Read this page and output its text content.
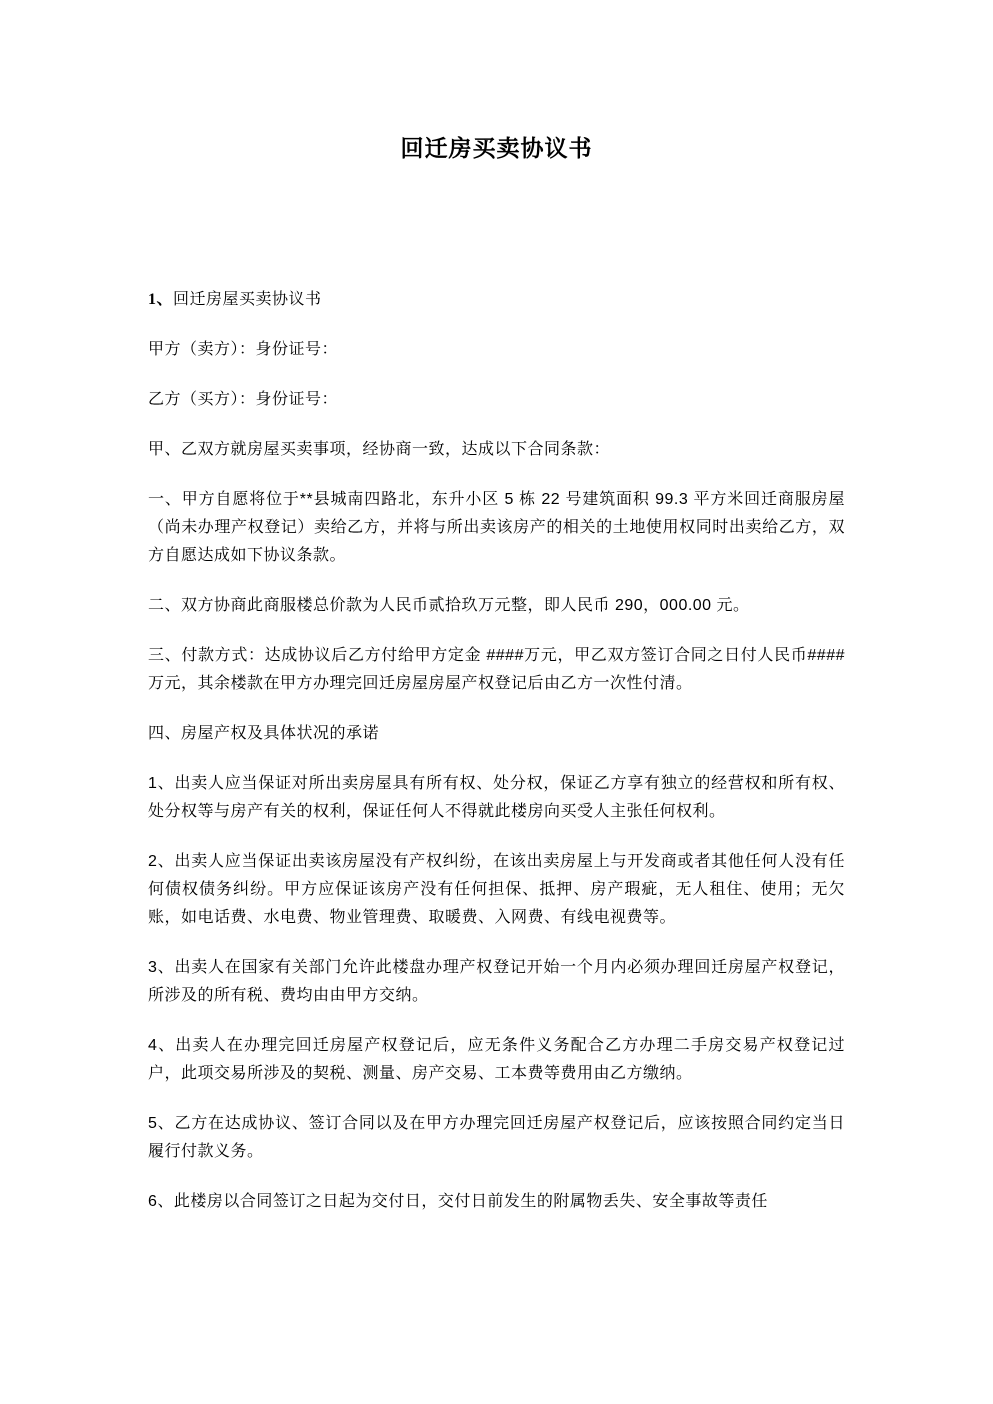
回迁房买卖协议书

1、回迁房屋买卖协议书

甲方（卖方）：身份证号：

乙方（买方）：身份证号：

甲、乙双方就房屋买卖事项，经协商一致，达成以下合同条款：

一、甲方自愿将位于**县城南四路北，东升小区 5 栋 22 号建筑面积 99.3 平方米回迁商服房屋（尚未办理产权登记）卖给乙方，并将与所出卖该房产的相关的土地使用权同时出卖给乙方，双方自愿达成如下协议条款。

二、双方协商此商服楼总价款为人民币贰拾玖万元整，即人民币 290，000.00 元。

三、付款方式：达成协议后乙方付给甲方定金 ####万元，甲乙双方签订合同之日付人民币####万元，其余楼款在甲方办理完回迁房屋房屋产权登记后由乙方一次性付清。

四、房屋产权及具体状况的承诺

1、出卖人应当保证对所出卖房屋具有所有权、处分权，保证乙方享有独立的经营权和所有权、处分权等与房产有关的权利，保证任何人不得就此楼房向买受人主张任何权利。

2、出卖人应当保证出卖该房屋没有产权纠纷，在该出卖房屋上与开发商或者其他任何人没有任何债权债务纠纷。甲方应保证该房产没有任何担保、抵押、房产瑕疵，无人租住、使用；无欠账，如电话费、水电费、物业管理费、取暖费、入网费、有线电视费等。

3、出卖人在国家有关部门允许此楼盘办理产权登记开始一个月内必须办理回迁房屋产权登记，所涉及的所有税、费均由由甲方交纳。

4、出卖人在办理完回迁房屋产权登记后，应无条件义务配合乙方办理二手房交易产权登记过户，此项交易所涉及的契税、测量、房产交易、工本费等费用由乙方缴纳。

5、乙方在达成协议、签订合同以及在甲方办理完回迁房屋产权登记后，应该按照合同约定当日履行付款义务。

6、此楼房以合同签订之日起为交付日，交付日前发生的附属物丢失、安全事故等责任
